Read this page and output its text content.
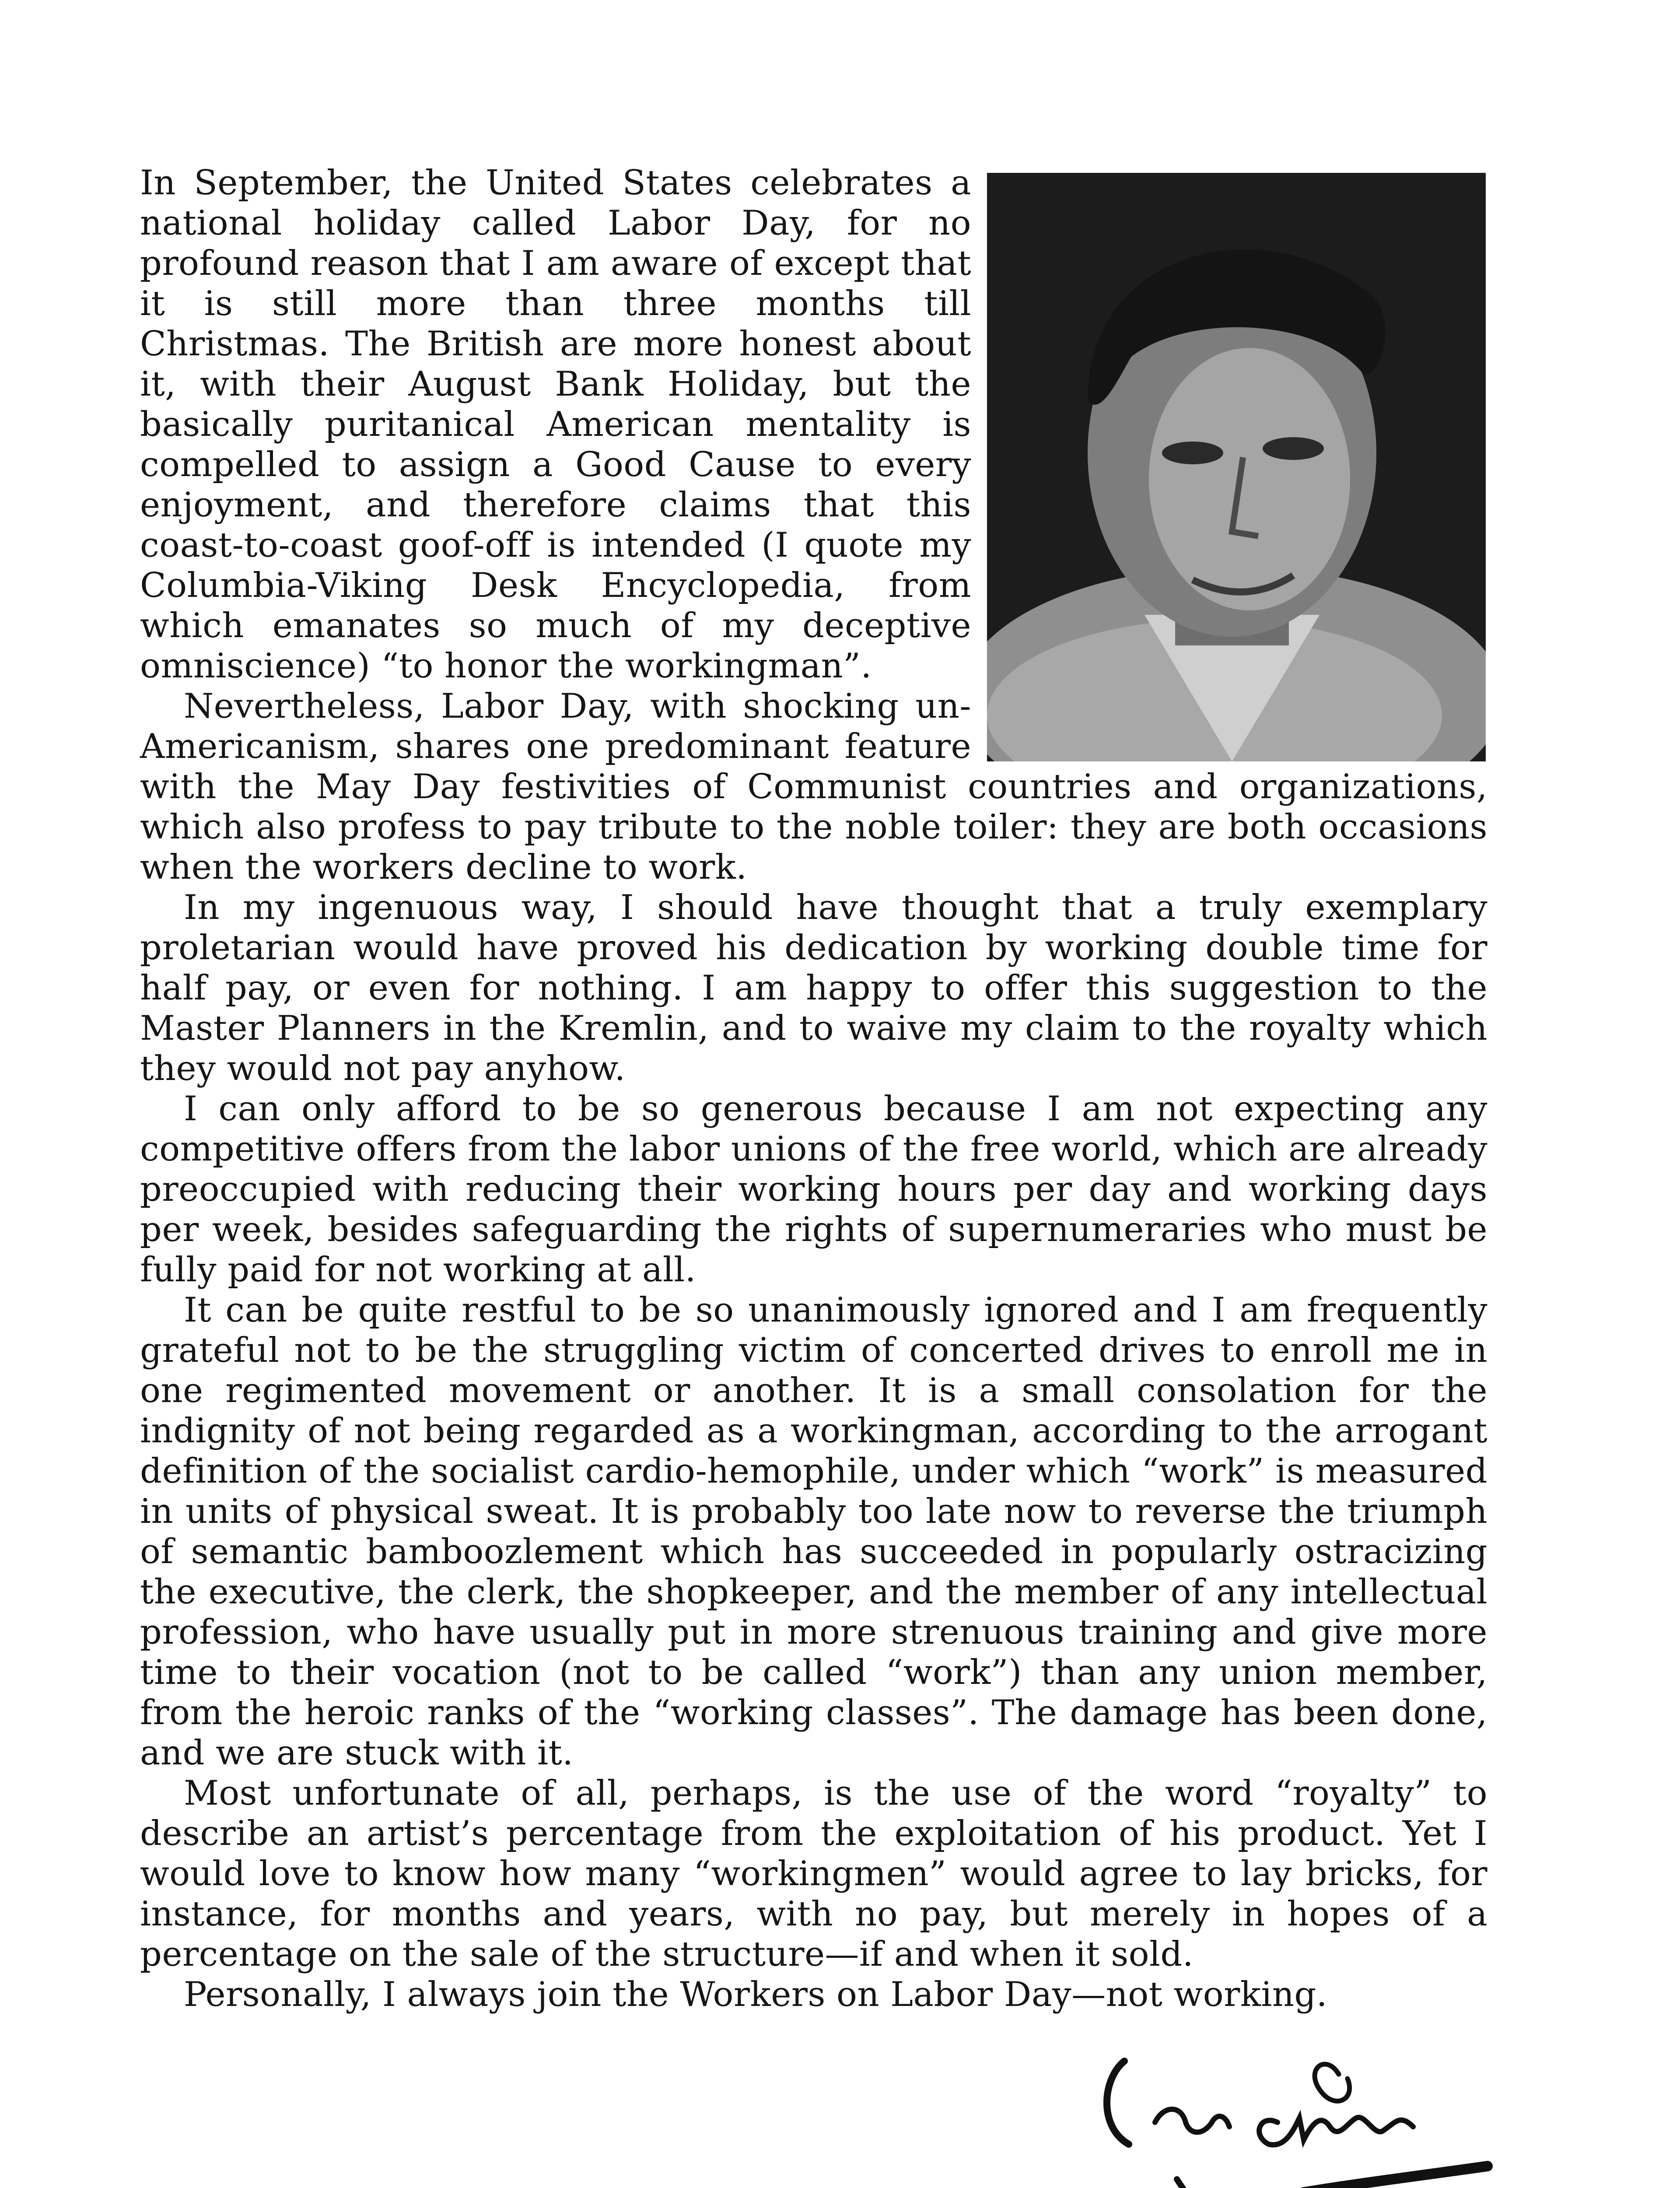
In September, the United States celebrates a national holiday called Labor Day, for no profound reason that I am aware of except that it is still more than three months till Christmas. The British are more honest about it, with their August Bank Holiday, but the basically puritanical American mentality is compelled to assign a Good Cause to every enjoyment, and therefore claims that this coast-to-coast goof-off is intended (I quote my Columbia-Viking Desk Encyclopedia, from which emanates so much of my deceptive omniscience) “to honor the workingman”.

Nevertheless, Labor Day, with shocking un-Americanism, shares one predominant feature with the May Day festivities of Communist countries and organizations, which also profess to pay tribute to the noble toiler: they are both occasions when the workers decline to work.

In my ingenuous way, I should have thought that a truly exemplary proletarian would have proved his dedication by working double time for half pay, or even for nothing. I am happy to offer this suggestion to the Master Planners in the Kremlin, and to waive my claim to the royalty which they would not pay anyhow.

I can only afford to be so generous because I am not expecting any competitive offers from the labor unions of the free world, which are already preoccupied with reducing their working hours per day and working days per week, besides safeguarding the rights of supernumeraries who must be fully paid for not working at all.

It can be quite restful to be so unanimously ignored and I am frequently grateful not to be the struggling victim of concerted drives to enroll me in one regimented movement or another. It is a small consolation for the indignity of not being regarded as a workingman, according to the arrogant definition of the socialist cardio-hemophile, under which “work” is measured in units of physical sweat. It is probably too late now to reverse the triumph of semantic bamboozlement which has succeeded in popularly ostracizing the executive, the clerk, the shopkeeper, and the member of any intellectual profession, who have usually put in more strenuous training and give more time to their vocation (not to be called “work”) than any union member, from the heroic ranks of the “working classes”. The damage has been done, and we are stuck with it.

Most unfortunate of all, perhaps, is the use of the word “royalty” to describe an artist’s percentage from the exploitation of his product. Yet I would love to know how many “workingmen” would agree to lay bricks, for instance, for months and years, with no pay, but merely in hopes of a percentage on the sale of the structure—if and when it sold.

Personally, I always join the Workers on Labor Day—not working.
